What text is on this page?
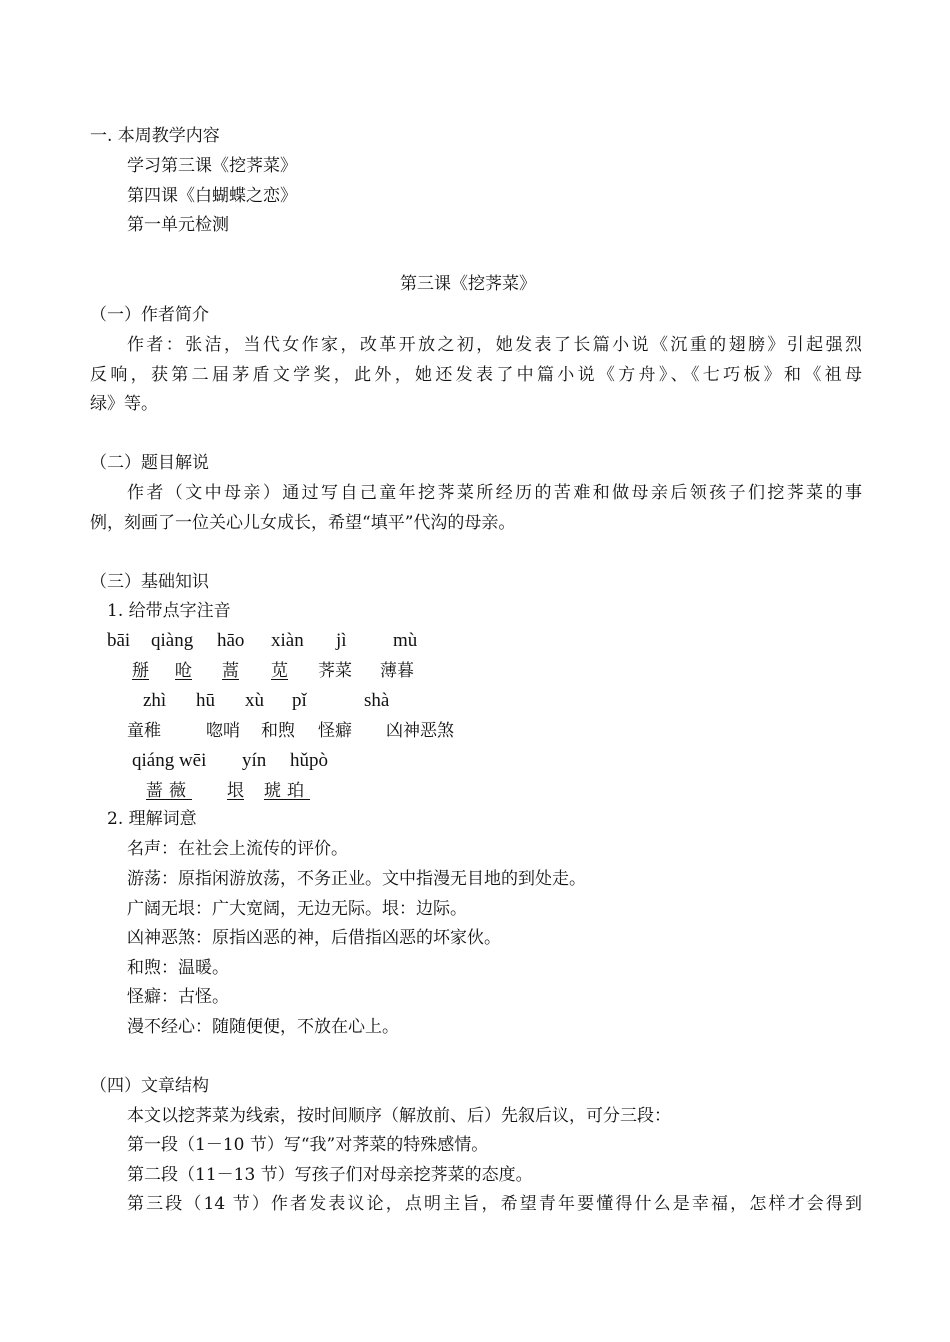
一. 本周教学内容

学习第三课《挖荠菜》

第四课《白蝴蝶之恋》

第一单元检测

第三课《挖荠菜》

（一）作者简介

作者：张洁，当代女作家，改革开放之初，她发表了长篇小说《沉重的翅膀》引起强烈

反响，获第二届茅盾文学奖，此外，她还发表了中篇小说《方舟》、《七巧板》和《祖母

绿》等。

（二）题目解说

作者（文中母亲）通过写自己童年挖荠菜所经历的苦难和做母亲后领孩子们挖荠菜的事

例，刻画了一位关心儿女成长，希望“填平”代沟的母亲。

（三）基础知识

1. 给带点字注音

bāi qiàng hāo xiàn jì mù
掰 呛 蒿 苋 荠菜 薄暮
zhì hū xù pǐ	shà
童稚	唿哨 和煦 怪癖 凶神恶煞
qiáng wēi yín hǔpò
蔷薇 垠 琥珀

2. 理解词意

名声：在社会上流传的评价。

游荡：原指闲游放荡，不务正业。文中指漫无目地的到处走。

广阔无垠：广大宽阔，无边无际。垠：边际。

凶神恶煞：原指凶恶的神，后借指凶恶的坏家伙。

和煦：温暖。

怪癖：古怪。

漫不经心：随随便便，不放在心上。

（四）文章结构

本文以挖荠菜为线索，按时间顺序（解放前、后）先叙后议，可分三段：

第一段（1－10 节）写“我”对荠菜的特殊感情。

第二段（11－13 节）写孩子们对母亲挖荠菜的态度。

第三段（14 节）作者发表议论，点明主旨，希望青年要懂得什么是幸福，怎样才会得到
